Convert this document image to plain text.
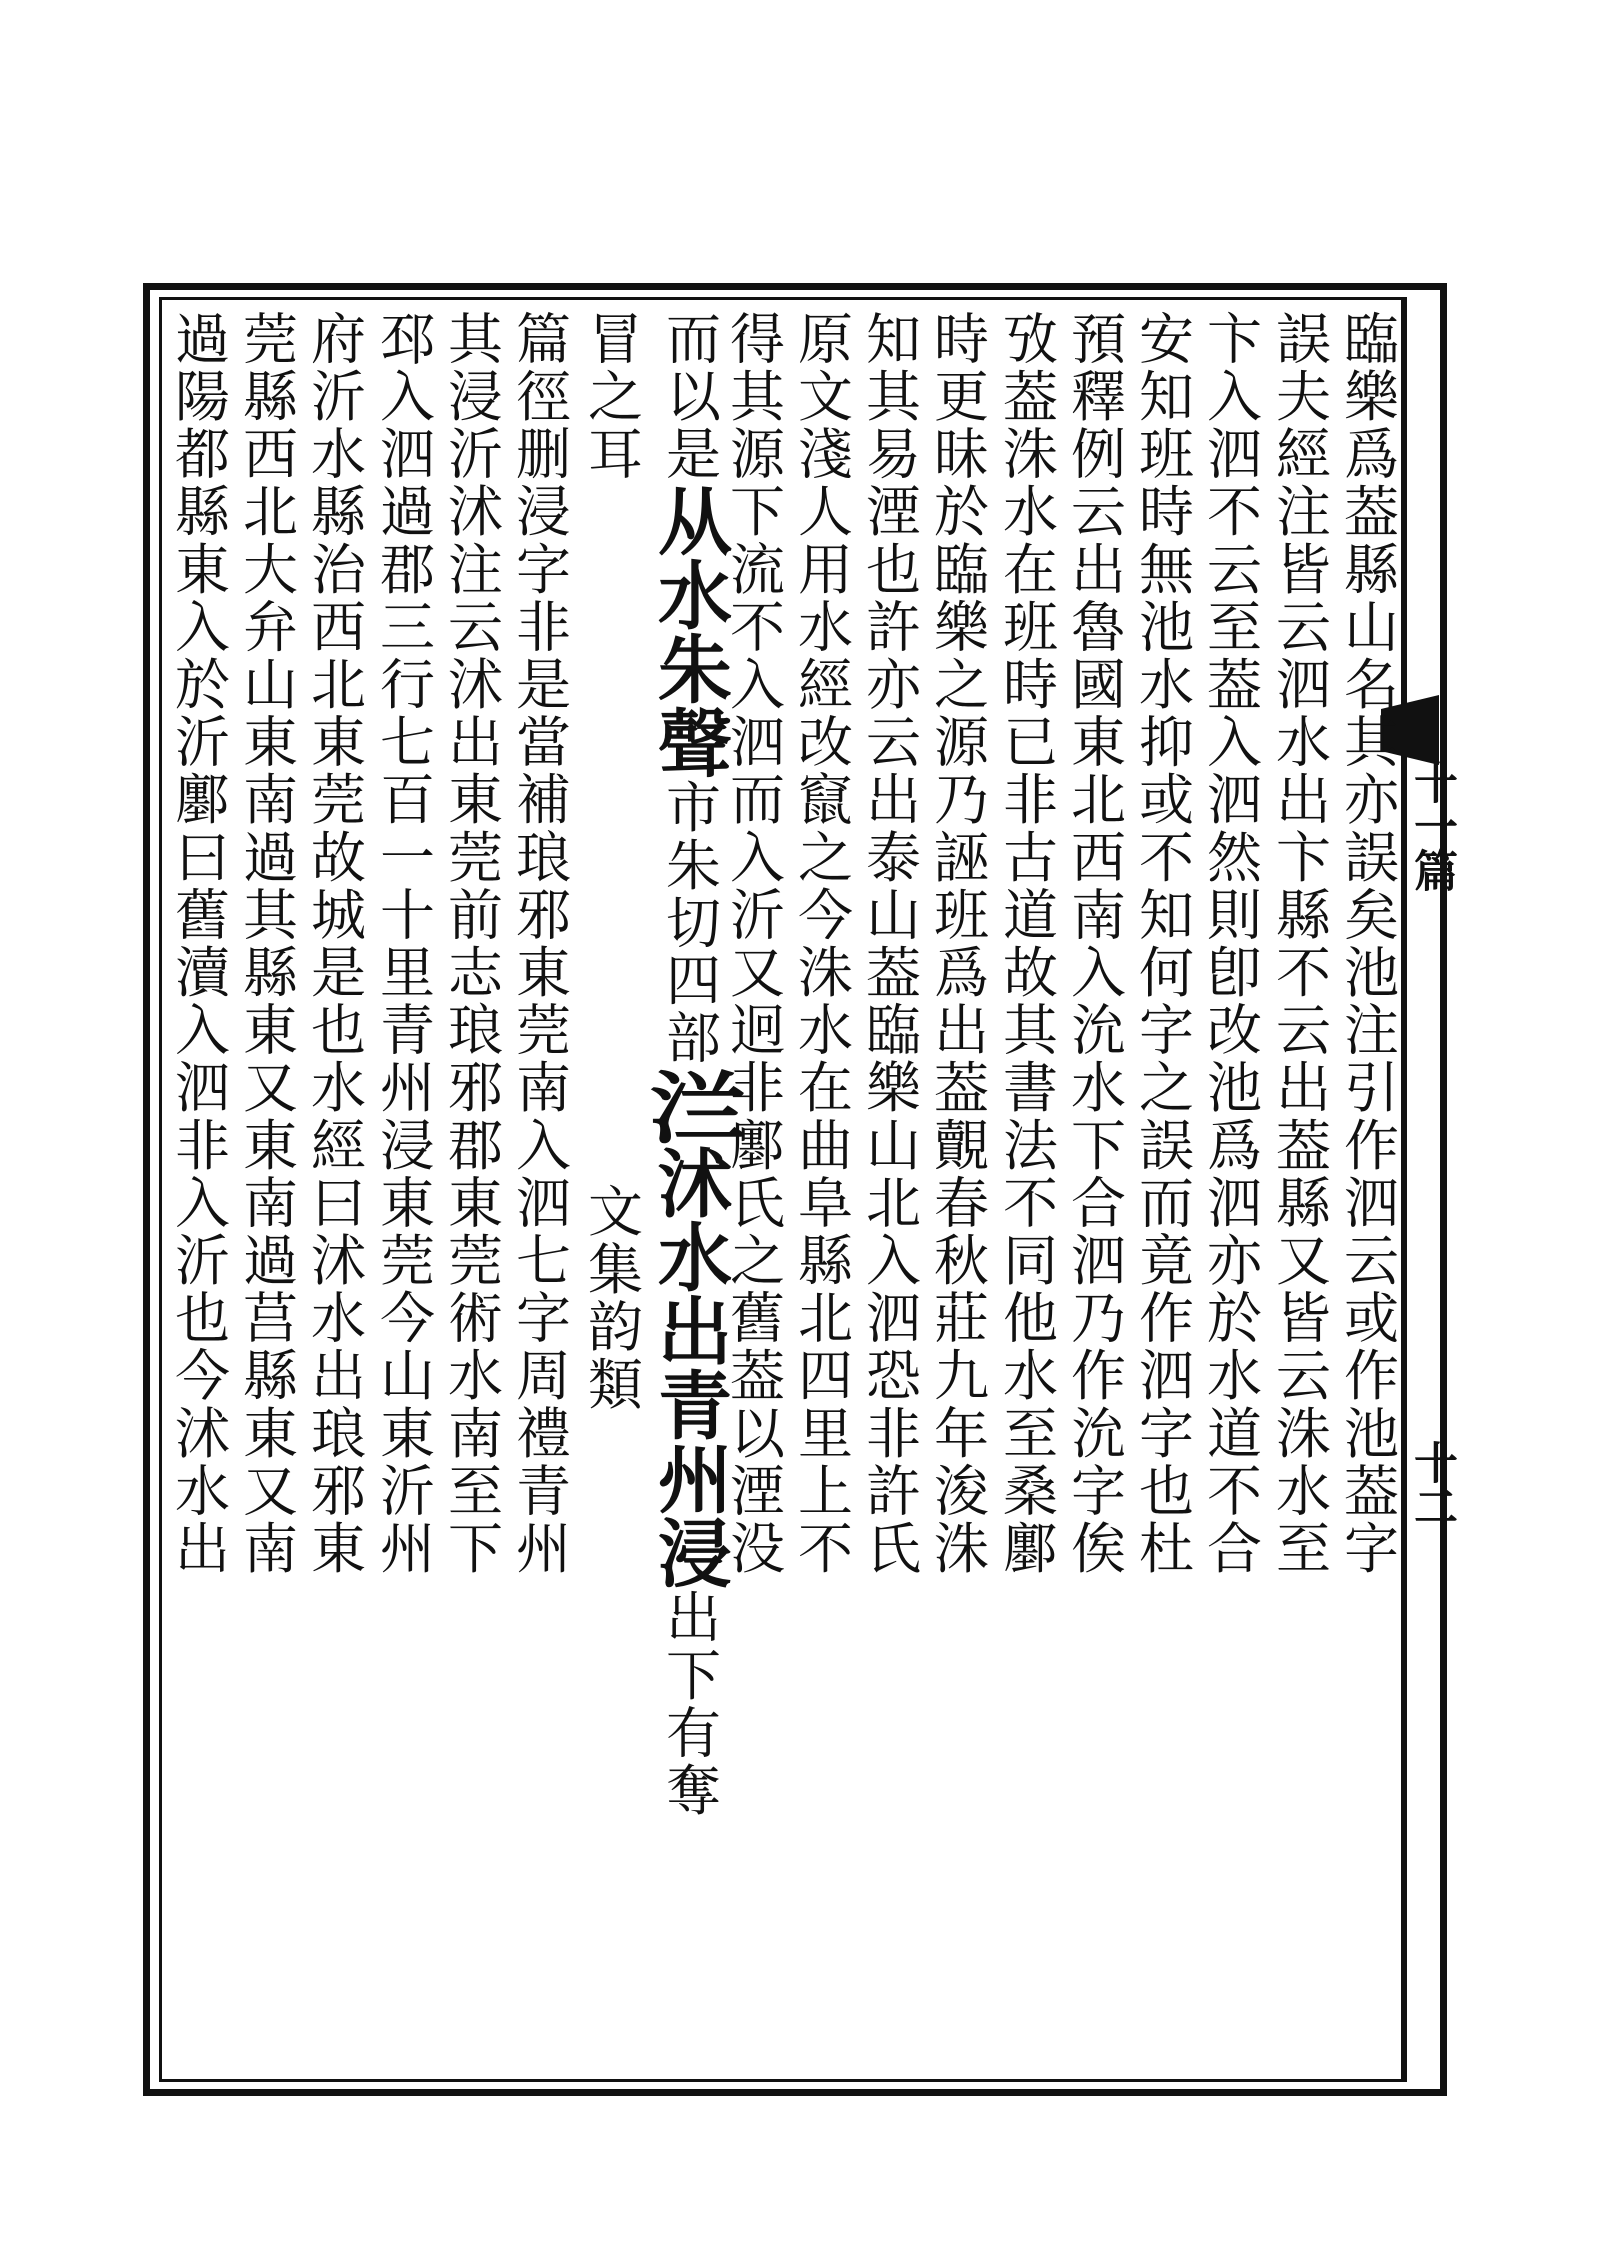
十一篇
十二
臨樂爲葢縣山名其亦誤矣池注引作泗云或作池葢字
誤夫經注皆云泗水出卞縣不云出葢縣又皆云洙水至
卞入泗不云至葢入泗然則卽改池爲泗亦於水道不合
安知班時無池水抑或不知何字之誤而竟作泗字也杜
預釋例云出魯國東北西南入沇水下合泗乃作沇字俟
攷葢洙水在班時已非古道故其書法不同他水至桑鄽
時更昧於臨樂之源乃誣班爲出葢覿春秋莊九年浚洙
知其易湮也許亦云出泰山葢臨樂山北入泗恐非許氏
原文淺人用水經改竄之今洙水在曲阜縣北四里上不
得其源下流不入泗而入沂又迥非鄽氏之舊葢以湮没
而以是从水朱聲市朱切四部㳕沭水出青州浸出下有奪
冒之耳文集韵類
篇徑删浸字非是當補琅邪東莞南入泗七字周禮青州
其浸沂沭注云沭出東莞前志琅邪郡東莞術水南至下
邳入泗過郡三行七百一十里青州浸東莞今山東沂州
府沂水縣治西北東莞故城是也水經曰沭水出琅邪東
莞縣西北大弁山東南過其縣東又東南過莒縣東又南
過陽都縣東入於沂鄽曰舊瀆入泗非入沂也今沭水出
